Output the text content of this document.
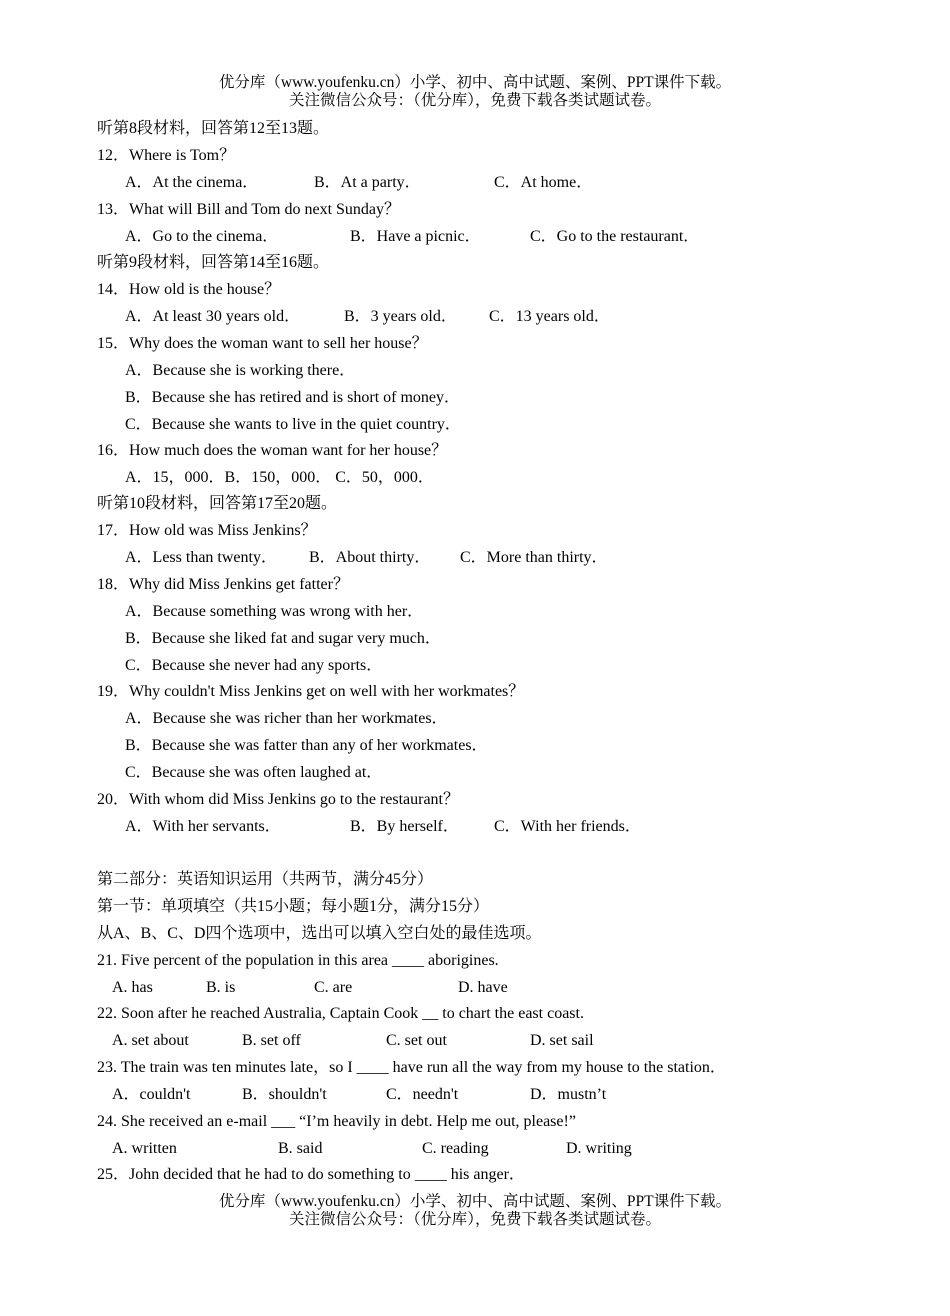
优分库（www.youfenku.cn）小学、初中、高中试题、案例、PPT课件下载。
关注微信公众号：（优分库），免费下载各类试题试卷。
听第8段材料，回答第12至13题。
12．Where is Tom？
A．At the cinema．	B．At a party．	C．At home．
13．What will Bill and Tom do next Sunday？
A．Go to the cinema．	B．Have a picnic．	C．Go to the restaurant．
听第9段材料，回答第14至16题。
14．How old is the house？
A．At least 30 years old．	B．3 years old． C．13 years old．
15．Why does the woman want to sell her house？
A．Because she is working there．
B．Because she has retired and is short of money．
C．Because she wants to live in the quiet country．
16．How much does the woman want for her house？
A．15，000．B．150，000． C．50，000．
听第10段材料，回答第17至20题。
17．How old was Miss Jenkins？
A．Less than twenty． B．About thirty． C．More than thirty．
18．Why did Miss Jenkins get fatter？
A．Because something was wrong with her．
B．Because she liked fat and sugar very much．
C．Because she never had any sports．
19．Why couldn't Miss Jenkins get on well with her workmates？
A．Because she was richer than her workmates．
B．Because she was fatter than any of her workmates．
C．Because she was often laughed at．
20．With whom did Miss Jenkins go to the restaurant？
A．With her servants．	B．By herself． C．With her friends．
第二部分：英语知识运用（共两节，满分45分）
第一节：单项填空（共15小题；每小题1分，满分15分）
从A、B、C、D四个选项中，选出可以填入空白处的最佳选项。
21. Five percent of the population in this area ____ aborigines.
A. has	B. is	C. are	D. have
22. Soon after he reached Australia, Captain Cook __ to chart the east coast.
A. set about	B. set off	C. set out	D. set sail
23. The train was ten minutes late，so I ____ have run all the way from my house to the station．
A．couldn't	B．shouldn't	C．needn't	D．mustn’t
24. She received an e-mail ___ “I’m heavily in debt. Help me out, please!”
A. written	B. said	C. reading	D. writing
25．John decided that he had to do something to ____ his anger．
优分库（www.youfenku.cn）小学、初中、高中试题、案例、PPT课件下载。
关注微信公众号：（优分库），免费下载各类试题试卷。
